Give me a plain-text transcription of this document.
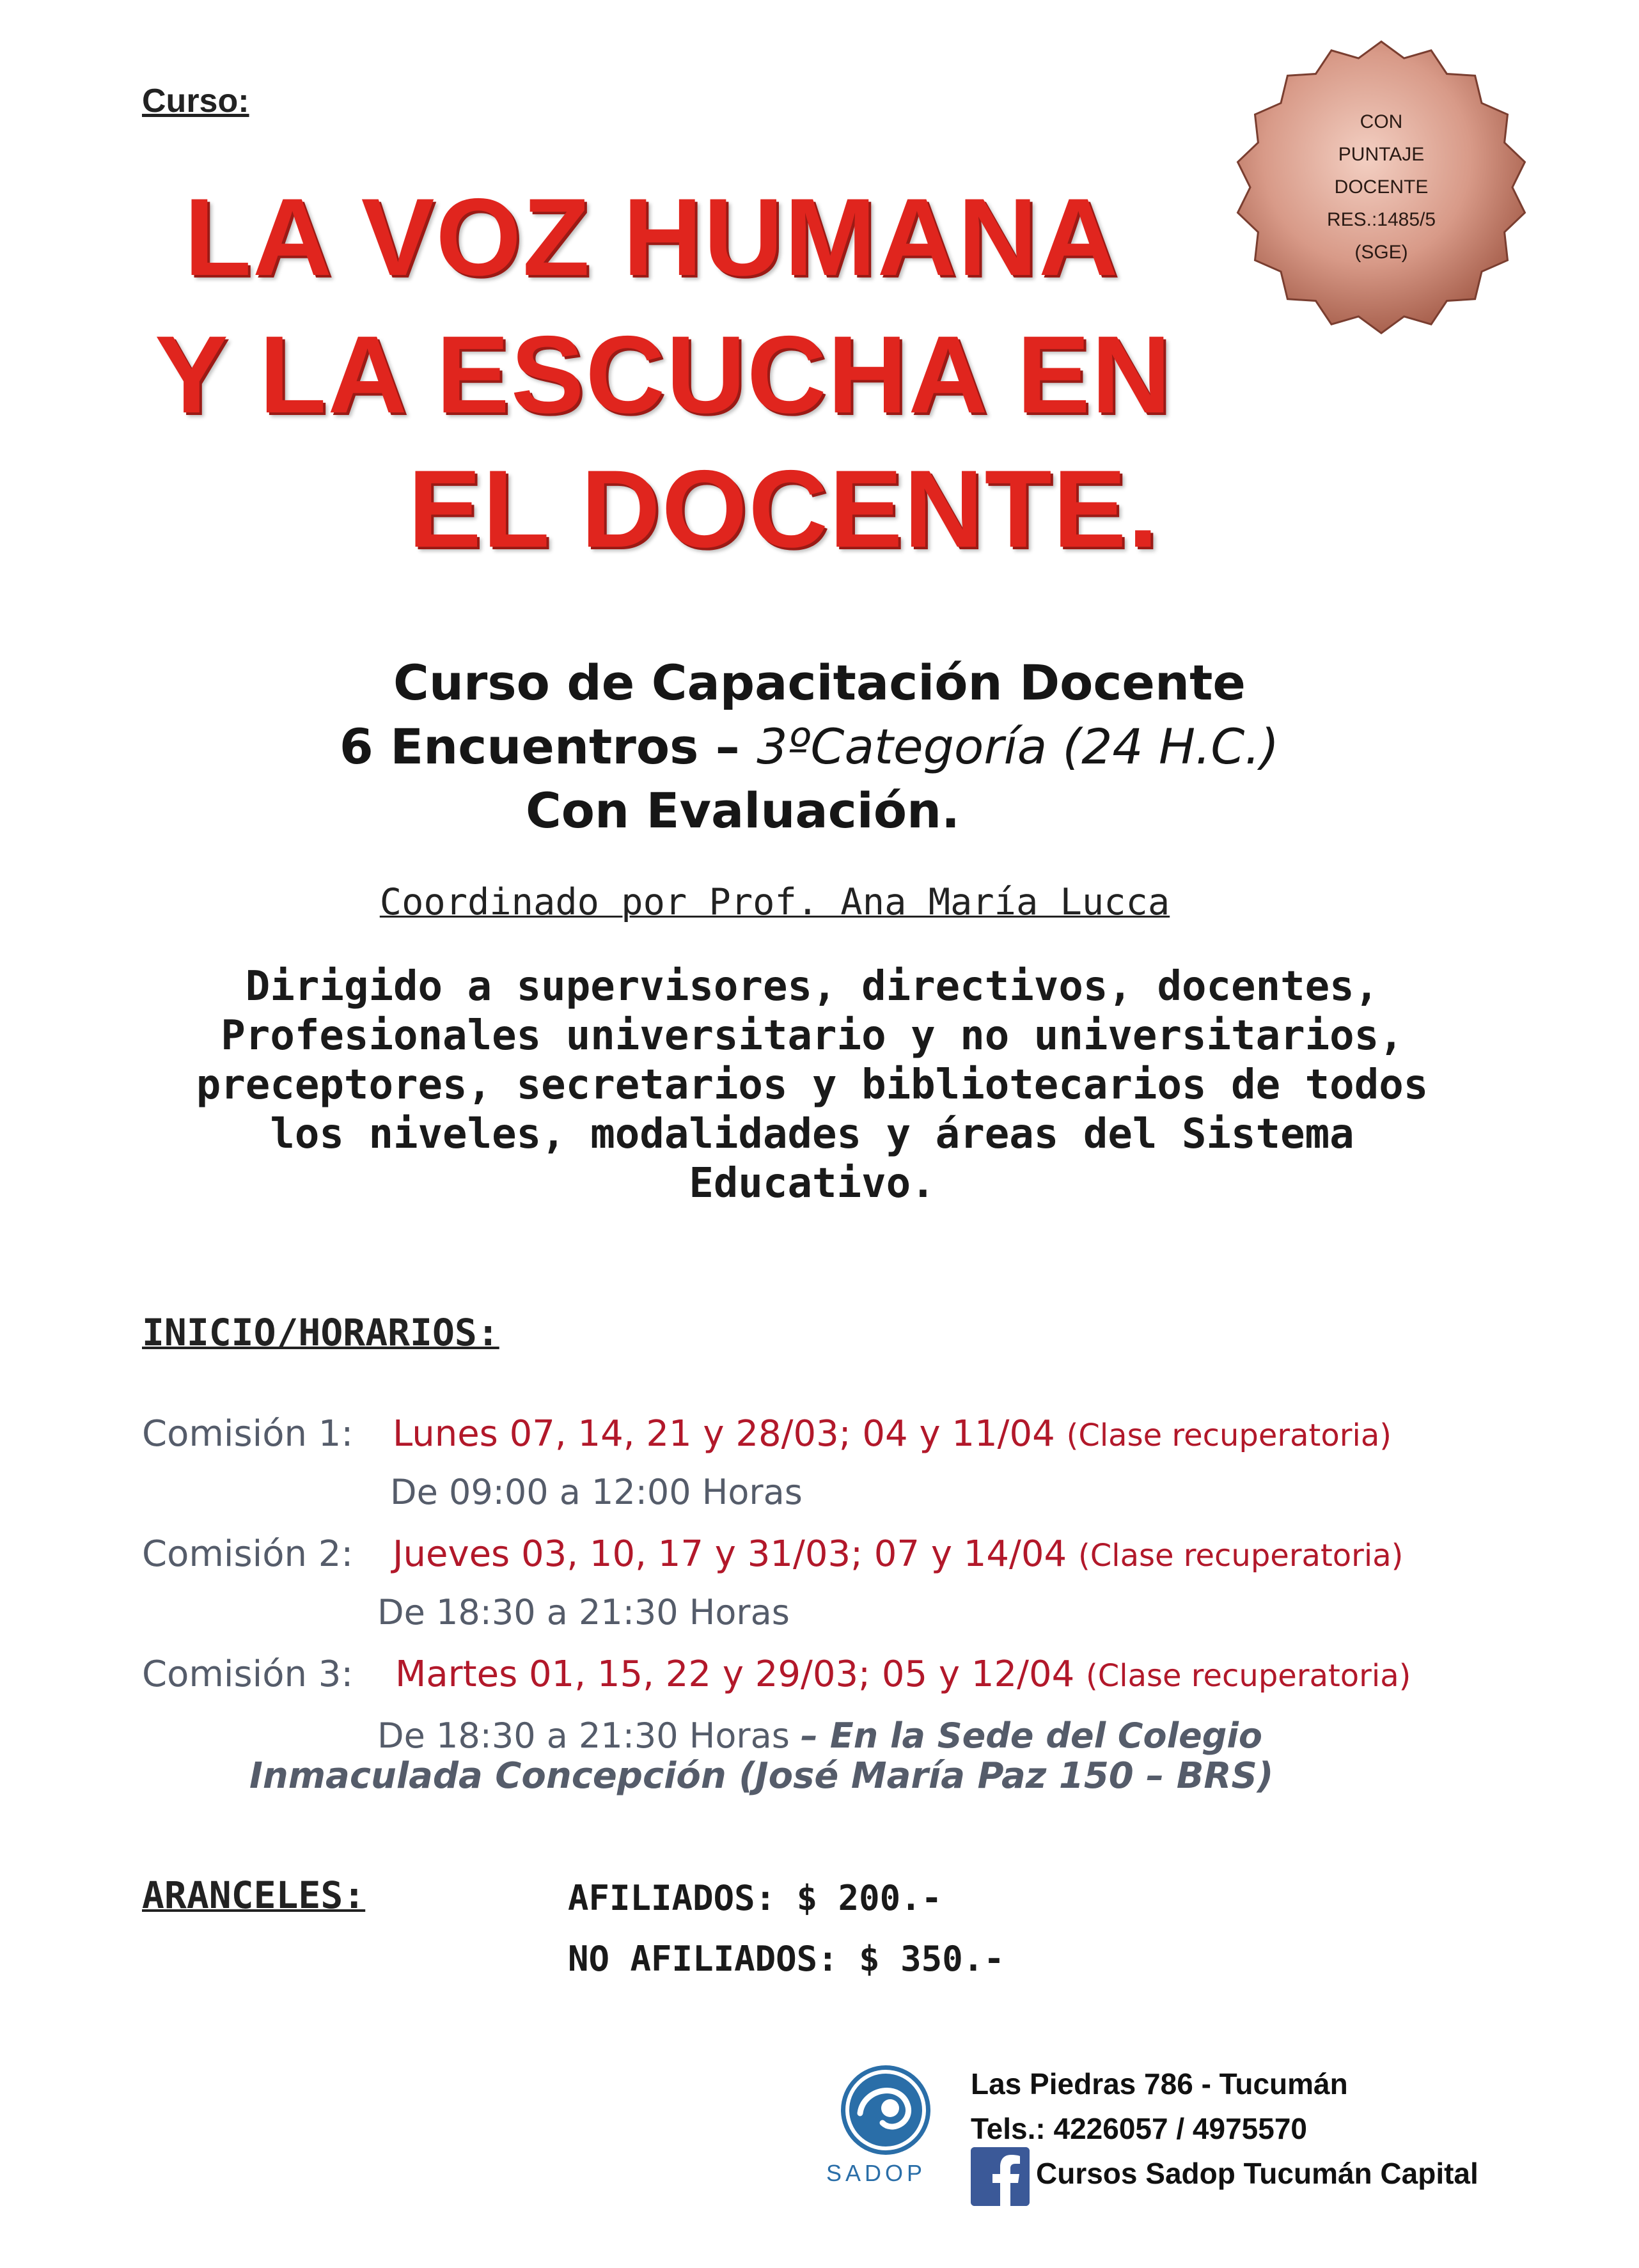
Curso:
LA VOZ HUMANA
Y LA ESCUCHA EN
EL DOCENTE.
CON
PUNTAJE
DOCENTE
RES.:1485/5
(SGE)
Curso de Capacitación Docente
6 Encuentros – 3ºCategoría (24 H.C.)
Con Evaluación.
Coordinado por Prof. Ana María Lucca
Dirigido a supervisores, directivos, docentes,
Profesionales universitario y no universitarios,
preceptores, secretarios y bibliotecarios de todos
los niveles, modalidades y áreas del Sistema
Educativo.
INICIO/HORARIOS:
Comisión 1: Lunes 07, 14, 21 y 28/03; 04 y 11/04 (Clase recuperatoria)
De 09:00 a 12:00 Horas
Comisión 2: Jueves 03, 10, 17 y 31/03; 07 y 14/04 (Clase recuperatoria)
De 18:30 a 21:30 Horas
Comisión 3: Martes 01, 15, 22 y 29/03; 05 y 12/04 (Clase recuperatoria)
De 18:30 a 21:30 Horas – En la Sede del Colegio
Inmaculada Concepción (José María Paz 150 – BRS)
ARANCELES:	AFILIADOS: $ 200.-
NO AFILIADOS: $ 350.-
SADOP
Las Piedras 786 - Tucumán
Tels.: 4226057 / 4975570
Cursos Sadop Tucumán Capital
